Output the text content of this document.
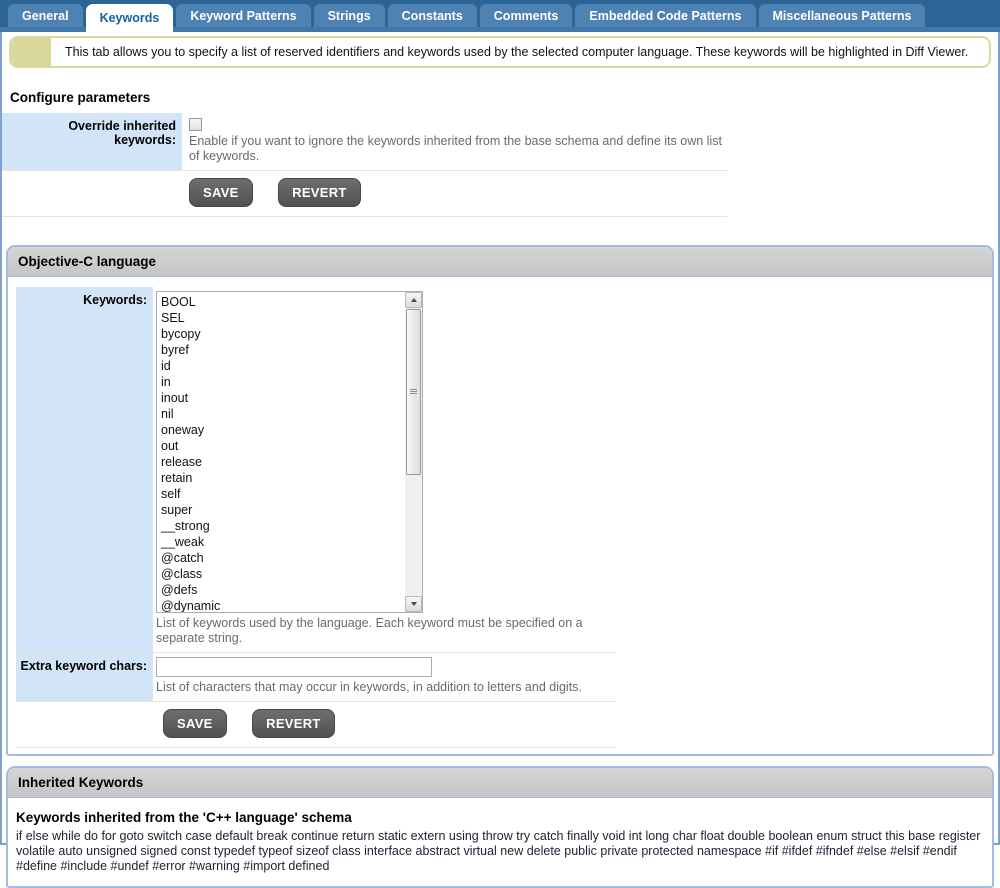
General	Keywords	Keyword Patterns	Strings	Constants	Comments	Embedded Code Patterns	Miscellaneous Patterns
This tab allows you to specify a list of reserved identifiers and keywords used by the selected computer language. These keywords will be highlighted in Diff Viewer.
Configure parameters
Override inherited keywords:	Enable if you want to ignore the keywords inherited from the base schema and define its own list of keywords.
SAVE	REVERT
Objective-C language
Keywords:	BOOL
SEL
bycopy
byref
id
in
inout
nil
oneway
out
release
retain
self
super
__strong
__weak
@catch
@class
@defs
@dynamic
List of keywords used by the language. Each keyword must be specified on a separate string.
Extra keyword chars:
List of characters that may occur in keywords, in addition to letters and digits.
SAVE	REVERT
Inherited Keywords
Keywords inherited from the 'C++ language' schema

if else while do for goto switch case default break continue return static extern using throw try catch finally void int long char float double boolean enum struct this base register volatile auto unsigned signed const typedef typeof sizeof class interface abstract virtual new delete public private protected namespace #if #ifdef #ifndef #else #elsif #endif #define #include #undef #error #warning #import defined
